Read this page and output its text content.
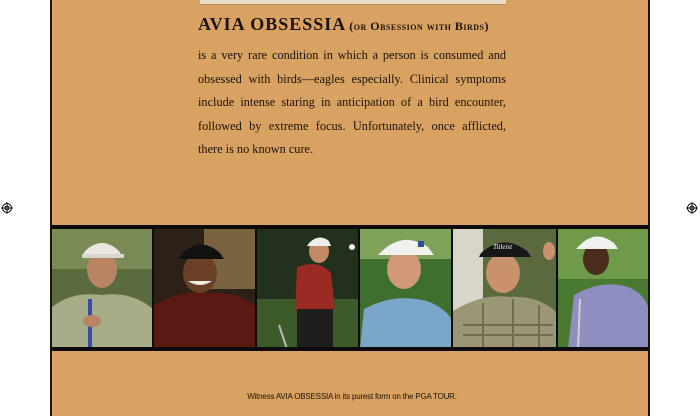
AVIA OBSESSIA (or Obsession with Birds)

is a very rare condition in which a person is consumed and obsessed with birds—eagles especially. Clinical symptoms include intense staring in anticipation of a bird encounter, followed by extreme focus. Unfortunately, once afflicted, there is no known cure.

Titleist
Witness AVIA OBSESSIA in its purest form on the PGA TOUR.
